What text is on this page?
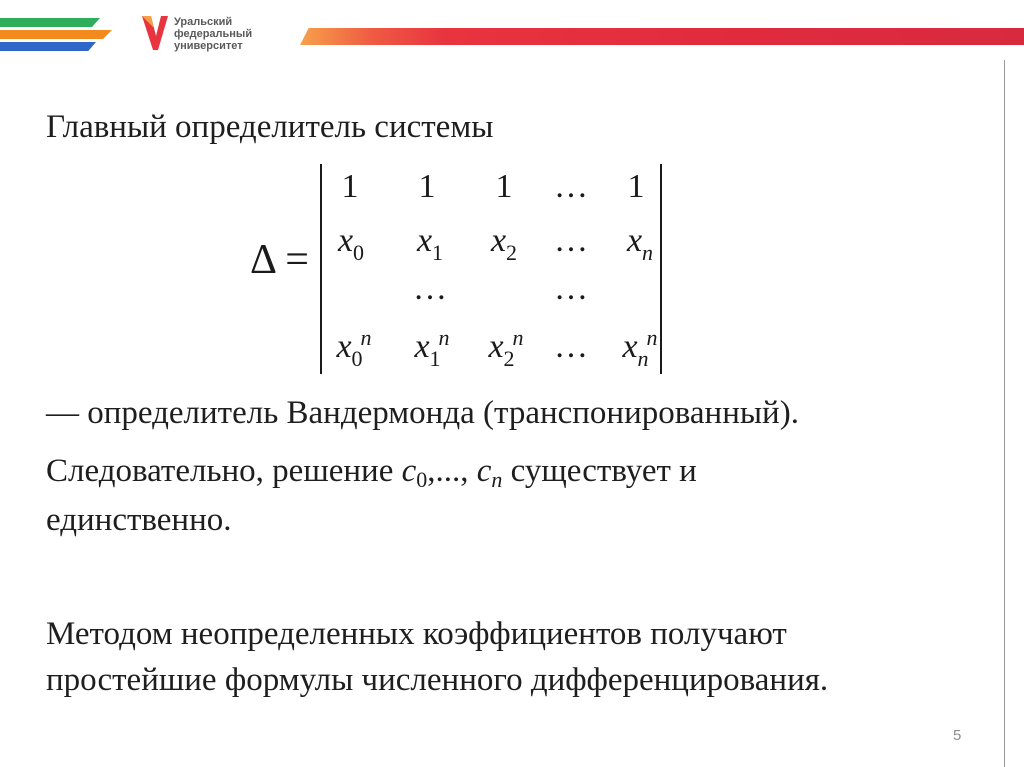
Уральский
федеральный
университет
Главный определитель системы
Δ =
1 1 1 … 1
$x_0$ $x_1$ $x_2$ … $x_n$
…	…
$x_0^n$ $x_1^n$ $x_2^n$ … $x_n^n$
— определитель Вандермонда (транспонированный).
Следовательно, решение $c_0$,..., $c_n$ существует и
единственно.
Методом неопределенных коэффициентов получают
простейшие формулы численного дифференцирования.
5
